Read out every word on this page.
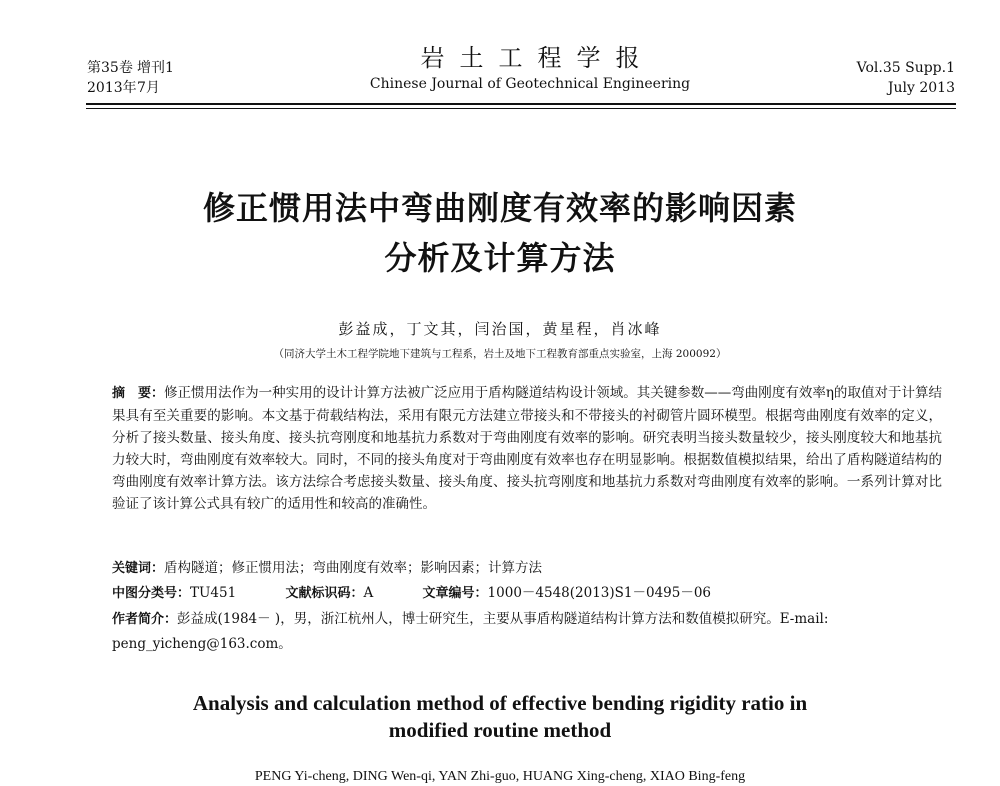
第35卷 增刊1
2013年7月
岩土工程学报
Chinese Journal of Geotechnical Engineering
Vol.35 Supp.1
July 2013
修正惯用法中弯曲刚度有效率的影响因素
分析及计算方法
彭益成，丁文其，闫治国，黄星程，肖冰峰
（同济大学土木工程学院地下建筑与工程系，岩土及地下工程教育部重点实验室，上海 200092）
摘　要：修正惯用法作为一种实用的设计计算方法被广泛应用于盾构隧道结构设计领域。其关键参数——弯曲刚度有效率η的取值对于计算结果具有至关重要的影响。本文基于荷载结构法，采用有限元方法建立带接头和不带接头的衬砌管片圆环模型。根据弯曲刚度有效率的定义，分析了接头数量、接头角度、接头抗弯刚度和地基抗力系数对于弯曲刚度有效率的影响。研究表明当接头数量较少，接头刚度较大和地基抗力较大时，弯曲刚度有效率较大。同时，不同的接头角度对于弯曲刚度有效率也存在明显影响。根据数值模拟结果，给出了盾构隧道结构的弯曲刚度有效率计算方法。该方法综合考虑接头数量、接头角度、接头抗弯刚度和地基抗力系数对弯曲刚度有效率的影响。一系列计算对比验证了该计算公式具有较广的适用性和较高的准确性。
关键词：盾构隧道；修正惯用法；弯曲刚度有效率；影响因素；计算方法
中图分类号：TU451	文献标识码：A	文章编号：1000－4548(2013)S1－0495－06
作者简介：彭益成(1984－ )，男，浙江杭州人，博士研究生，主要从事盾构隧道结构计算方法和数值模拟研究。E-mail: peng_yicheng@163.com。
Analysis and calculation method of effective bending rigidity ratio in
modified routine method
PENG Yi-cheng, DING Wen-qi, YAN Zhi-guo, HUANG Xing-cheng, XIAO Bing-feng
